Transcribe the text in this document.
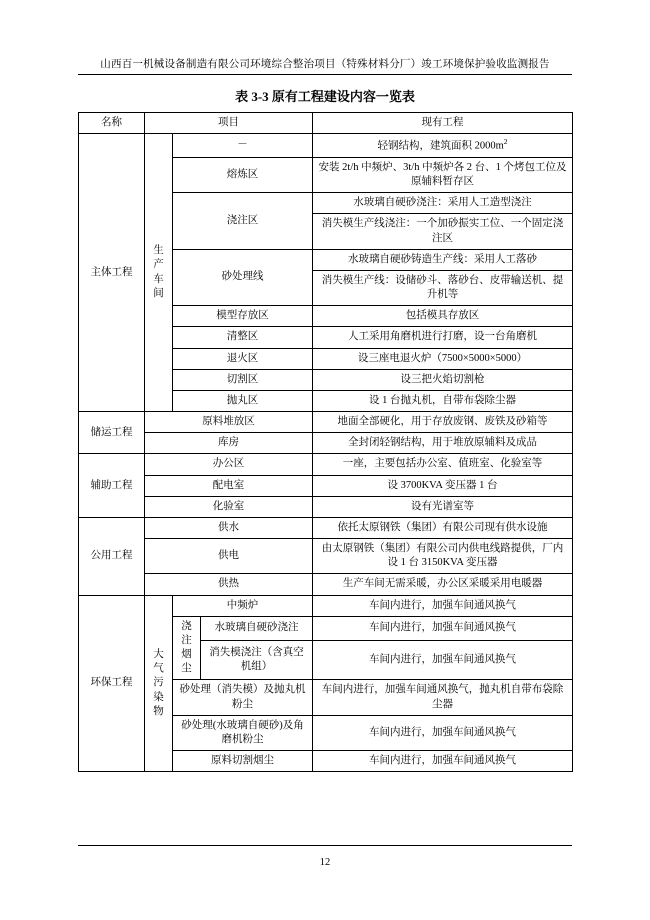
山西百一机械设备制造有限公司环境综合整治项目（特殊材料分厂）竣工环境保护验收监测报告
表 3-3 原有工程建设内容一览表
名称	项目			现有工程
主体工程	生产车间	－		轻钢结构，建筑面积 $2000m^2$
		熔炼区		安装 2t/h 中频炉、3t/h 中频炉各 2 台、1 个烤包工位及原辅料暂存区
		浇注区		水玻璃自硬砂浇注：采用人工造型浇注
				消失模生产线浇注：一个加砂振实工位、一个固定浇注区
		砂处理线		水玻璃自硬砂铸造生产线：采用人工落砂
				消失模生产线：设储砂斗、落砂台、皮带输送机、提升机等
		模型存放区		包括模具存放区
		清整区		人工采用角磨机进行打磨，设一台角磨机
		退火区		设三座电退火炉（7500×5000×5000）
		切割区		设三把火焰切割枪
		抛丸区		设 1 台抛丸机，自带布袋除尘器
储运工程	原料堆放区			地面全部硬化，用于存放废钢、废铁及砂箱等
	库房			全封闭轻钢结构，用于堆放原辅料及成品
辅助工程	办公区			一座，主要包括办公室、值班室、化验室等
	配电室			设 3700KVA 变压器 1 台
	化验室			设有光谱室等
公用工程	供水			依托太原钢铁（集团）有限公司现有供水设施
	供电			由太原钢铁（集团）有限公司内供电线路提供，厂内设 1 台 3150KVA 变压器
	供热			生产车间无需采暖，办公区采暖采用电暖器
环保工程	大气污染物	中频炉		车间内进行，加强车间通风换气

		浇注烟尘	水玻璃自硬砂浇注	车间内进行，加强车间通风换气
			消失模浇注（含真空机组）	车间内进行，加强车间通风换气
		砂处理（消失模）及抛丸机粉尘		车间内进行，加强车间通风换气，抛丸机自带布袋除尘器
		砂处理(水玻璃自硬砂)及角磨机粉尘		车间内进行，加强车间通风换气
		原料切割烟尘		车间内进行，加强车间通风换气
12
